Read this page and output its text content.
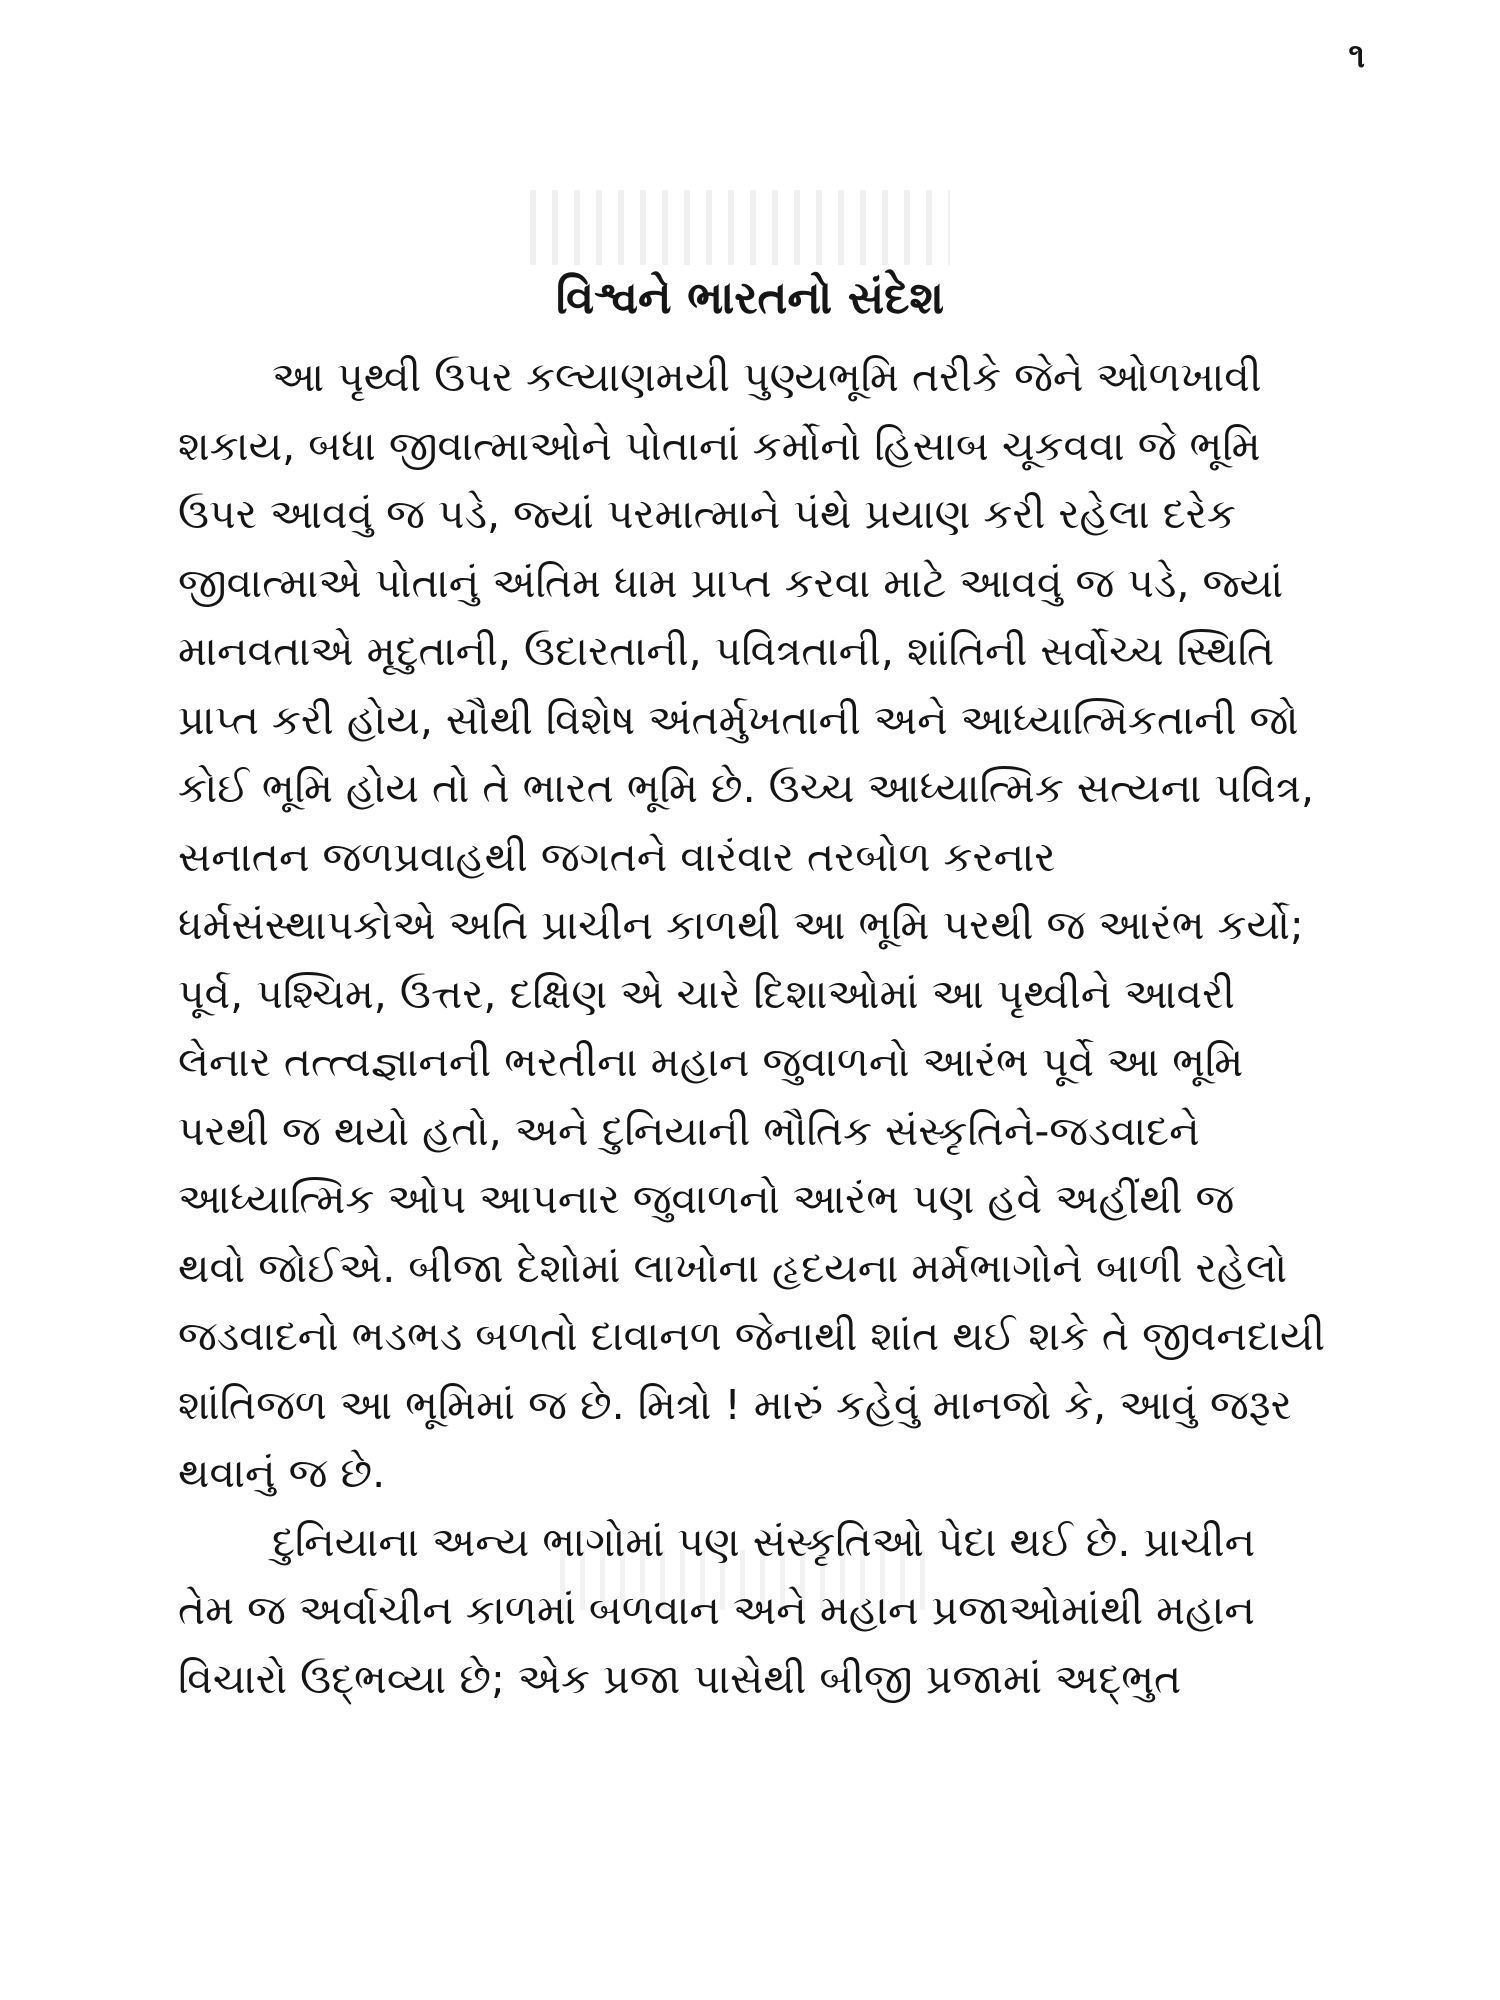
૧
વિશ્વને ભારતનો સંદેશ

આ પૃથ્વી ઉપર કલ્યાણમયી પુણ્યભૂમિ તરીકે જેને ઓળખાવી
શકાય, બધા જીવાત્માઓને પોતાનાં કર્મોનો હિસાબ ચૂકવવા જે ભૂમિ
ઉપર આવવું જ પડે, જ્યાં પરમાત્માને પંથે પ્રયાણ કરી રહેલા દરેક
જીવાત્માએ પોતાનું અંતિમ ધામ પ્રાપ્ત કરવા માટે આવવું જ પડે, જ્યાં
માનવતાએ મૃદુતાની, ઉદારતાની, પવિત્રતાની, શાંતિની સર્વોચ્ચ સ્થિતિ
પ્રાપ્ત કરી હોય, સૌથી વિશેષ અંતર્મુખતાની અને આધ્યાત્મિકતાની જો
કોઈ ભૂમિ હોય તો તે ભારત ભૂમિ છે. ઉચ્ચ આધ્યાત્મિક સત્યના પવિત્ર,
સનાતન જળપ્રવાહથી જગતને વારંવાર તરબોળ કરનાર
ધર્મસંસ્થાપકોએ અતિ પ્રાચીન કાળથી આ ભૂમિ પરથી જ આરંભ કર્યો;
પૂર્વ, પશ્ચિમ, ઉત્તર, દક્ષિણ એ ચારે દિશાઓમાં આ પૃથ્વીને આવરી
લેનાર તત્ત્વજ્ઞાનની ભરતીના મહાન જુવાળનો આરંભ પૂર્વે આ ભૂમિ
પરથી જ થયો હતો, અને દુનિયાની ભૌતિક સંસ્કૃતિને-જડવાદને
આધ્યાત્મિક ઓપ આપનાર જુવાળનો આરંભ પણ હવે અહીંથી જ
થવો જોઈએ. બીજા દેશોમાં લાખોના હૃદયના મર્મભાગોને બાળી રહેલો
જડવાદનો ભડભડ બળતો દાવાનળ જેનાથી શાંત થઈ શકે તે જીવનદાયી
શાંતિજળ આ ભૂમિમાં જ છે. મિત્રો ! મારું કહેવું માનજો કે, આવું જરૂર
થવાનું જ છે.

દુનિયાના અન્ય ભાગોમાં પણ સંસ્કૃતિઓ પેદા થઈ છે. પ્રાચીન
તેમ જ અર્વાચીન કાળમાં બળવાન અને મહાન પ્રજાઓમાંથી મહાન
વિચારો ઉદ્ભવ્યા છે; એક પ્રજા પાસેથી બીજી પ્રજામાં અદ્ભુત
